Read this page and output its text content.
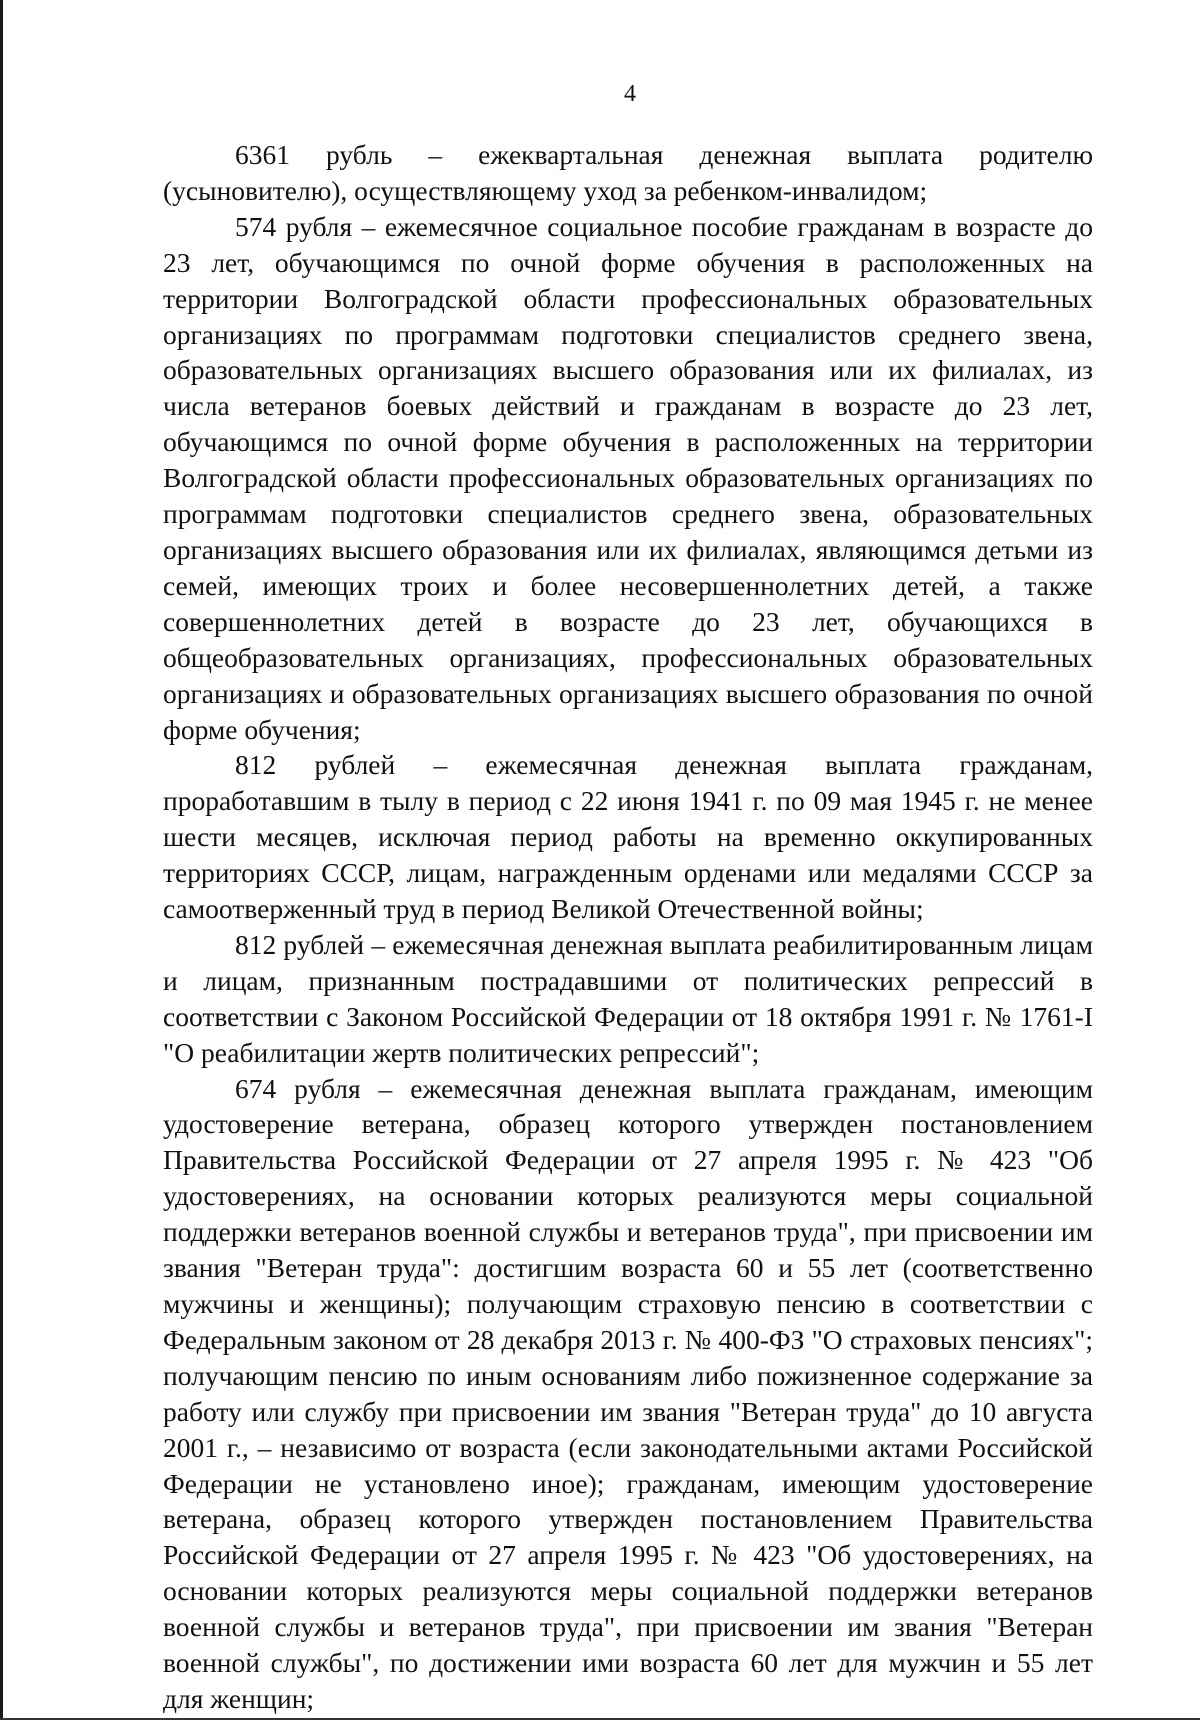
4

6361 рубль – ежеквартальная денежная выплата родителю (усыновителю), осуществляющему уход за ребенком-инвалидом;

574 рубля – ежемесячное социальное пособие гражданам в возрасте до 23 лет, обучающимся по очной форме обучения в расположенных на территории Волгоградской области профессиональных образовательных организациях по программам подготовки специалистов среднего звена, образовательных организациях высшего образования или их филиалах, из числа ветеранов боевых действий и гражданам в возрасте до 23 лет, обучающимся по очной форме обучения в расположенных на территории Волгоградской области профессиональных образовательных организациях по программам подготовки специалистов среднего звена, образовательных организациях высшего образования или их филиалах, являющимся детьми из семей, имеющих троих и более несовершеннолетних детей, а также совершеннолетних детей в возрасте до 23 лет, обучающихся в общеобразовательных организациях, профессиональных образовательных организациях и образовательных организациях высшего образования по очной форме обучения;

812 рублей – ежемесячная денежная выплата гражданам, проработавшим в тылу в период с 22 июня 1941 г. по 09 мая 1945 г. не менее шести месяцев, исключая период работы на временно оккупированных территориях СССР, лицам, награжденным орденами или медалями СССР за самоотверженный труд в период Великой Отечественной войны;

812 рублей – ежемесячная денежная выплата реабилитированным лицам и лицам, признанным пострадавшими от политических репрессий в соответствии с Законом Российской Федерации от 18 октября 1991 г. № 1761-I "О реабилитации жертв политических репрессий";

674 рубля – ежемесячная денежная выплата гражданам, имеющим удостоверение ветерана, образец которого утвержден постановлением Правительства Российской Федерации от 27 апреля 1995 г. № 423 "Об удостоверениях, на основании которых реализуются меры социальной поддержки ветеранов военной службы и ветеранов труда", при присвоении им звания "Ветеран труда": достигшим возраста 60 и 55 лет (соответственно мужчины и женщины); получающим страховую пенсию в соответствии с Федеральным законом от 28 декабря 2013 г. № 400-ФЗ "О страховых пенсиях"; получающим пенсию по иным основаниям либо пожизненное содержание за работу или службу при присвоении им звания "Ветеран труда" до 10 августа 2001 г., – независимо от возраста (если законодательными актами Российской Федерации не установлено иное); гражданам, имеющим удостоверение ветерана, образец которого утвержден постановлением Правительства Российской Федерации от 27 апреля 1995 г. № 423 "Об удостоверениях, на основании которых реализуются меры социальной поддержки ветеранов военной службы и ветеранов труда", при присвоении им звания "Ветеран военной службы", по достижении ими возраста 60 лет для мужчин и 55 лет для женщин;
